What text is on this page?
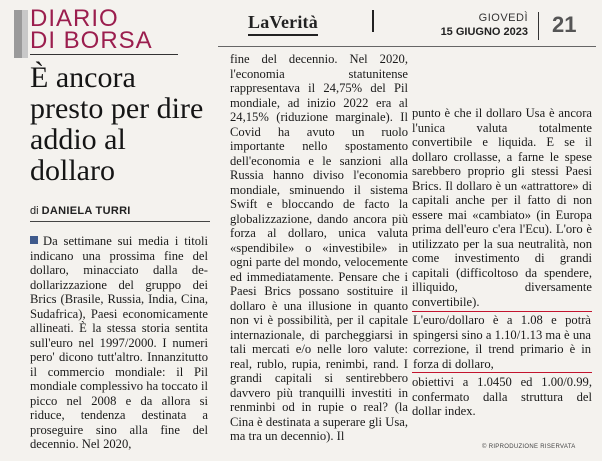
DIARIO
DI BORSA
LaVerità	GIOVEDÌ
15 GIUGNO 2023 21
È ancora presto per dire addio al dollaro
di DANIELA TURRI
Da settimane sui media i titoli indicano una prossima fine del dollaro, minacciato dalla de-dollarizzazione del gruppo dei Brics (Brasile, Russia, India, Cina, Sudafrica), Paesi economicamente allineati. È la stessa storia sentita sull'euro nel 1997/2000. I numeri pero' dicono tutt'altro. Innanzitutto il commercio mondiale: il Pil mondiale complessivo ha toccato il picco nel 2008 e da allora si riduce, tendenza destinata a proseguire sino alla fine del decennio. Nel 2020,
fine del decennio. Nel 2020, l'economia statunitense rappresentava il 24,75% del Pil mondiale, ad inizio 2022 era al 24,15% (riduzione marginale). Il Covid ha avuto un ruolo importante nello spostamento dell'economia e le sanzioni alla Russia hanno diviso l'economia mondiale, sminuendo il sistema Swift e bloccando de facto la globalizzazione, dando ancora più forza al dollaro, unica valuta «spendibile» o «investibile» in ogni parte del mondo, velocemente ed immediatamente. Pensare che i Paesi Brics possano sostituire il dollaro è una illusione in quanto non vi è possibilità, per il capitale internazionale, di parcheggiarsi in tali mercati e/o nelle loro valute: real, rublo, rupia, renimbi, rand. I grandi capitali si sentirebbero davvero più tranquilli investiti in renminbi od in rupie o real? (la Cina è destinata a superare gli Usa, ma tra un decennio). Il
punto è che il dollaro Usa è ancora l'unica valuta totalmente convertibile e liquida. E se il dollaro crollasse, a farne le spese sarebbero proprio gli stessi Paesi Brics. Il dollaro è un «attrattore» di capitali anche per il fatto di non essere mai «cambiato» (in Europa prima dell'euro c'era l'Ecu). L'oro è utilizzato per la sua neutralità, non come investimento di grandi capitali (difficoltoso da spendere, illiquido, diversamente convertibile).
L'euro/dollaro è a 1.08 e potrà spingersi sino a 1.10/1.13 ma è una correzione, il trend primario è in forza di dollaro,
obiettivi a 1.0450 ed 1.00/0.99, confermato dalla struttura del dollar index.
© RIPRODUZIONE RISERVATA
